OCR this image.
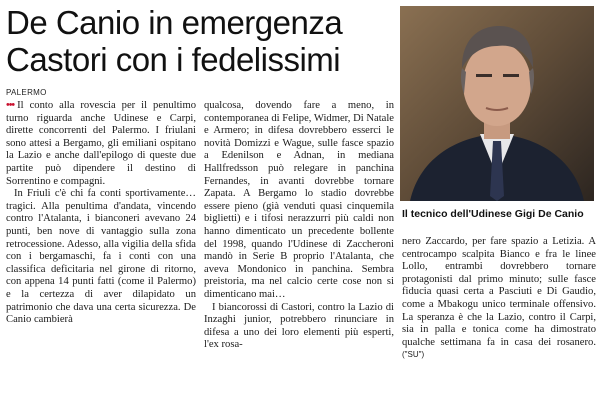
De Canio in emergenza
Castori con i fedelissimi
Il tecnico dell'Udinese Gigi De Canio
PALERMO

••• Il conto alla rovescia per il penultimo turno riguarda anche Udinese e Carpi, dirette concorrenti del Palermo. I friulani sono attesi a Bergamo, gli emiliani ospitano la Lazio e anche dall'epilogo di queste due partite può dipendere il destino di Sorrentino e compagni.

In Friuli c'è chi fa conti sportivamente… tragici. Alla penultima d'andata, vincendo contro l'Atalanta, i bianconeri avevano 24 punti, ben nove di vantaggio sulla zona retrocessione. Adesso, alla vigilia della sfida con i bergamaschi, fa i conti con una classifica deficitaria nel girone di ritorno, con appena 14 punti fatti (come il Palermo) e la certezza di aver dilapidato un patrimonio che dava una certa sicurezza. De Canio cambierà

qualcosa, dovendo fare a meno, in contemporanea di Felipe, Widmer, Di Natale e Armero; in difesa dovrebbero esserci le novità Domizzi e Wague, sulle fasce spazio a Edenilson e Adnan, in mediana Hallfredsson può relegare in panchina Fernandes, in avanti dovrebbe tornare Zapata. A Bergamo lo stadio dovrebbe essere pieno (già venduti quasi cinquemila biglietti) e i tifosi nerazzurri più caldi non hanno dimenticato un precedente bollente del 1998, quando l'Udinese di Zaccheroni mandò in Serie B proprio l'Atalanta, che aveva Mondonico in panchina. Sembra preistoria, ma nel calcio certe cose non si dimenticano mai…

I biancorossi di Castori, contro la Lazio di Inzaghi junior, potrebbero rinunciare in difesa a uno dei loro elementi più esperti, l'ex rosa-

nero Zaccardo, per fare spazio a Letizia. A centrocampo scalpita Bianco e fra le linee Lollo, entrambi dovrebbero tornare protagonisti dal primo minuto; sulle fasce fiducia quasi certa a Pasciuti e Di Gaudio, come a Mbakogu unico terminale offensivo. La speranza è che la Lazio, contro il Carpi, sia in palla e tonica come ha dimostrato qualche settimana fa in casa dei rosanero. ("SU")
